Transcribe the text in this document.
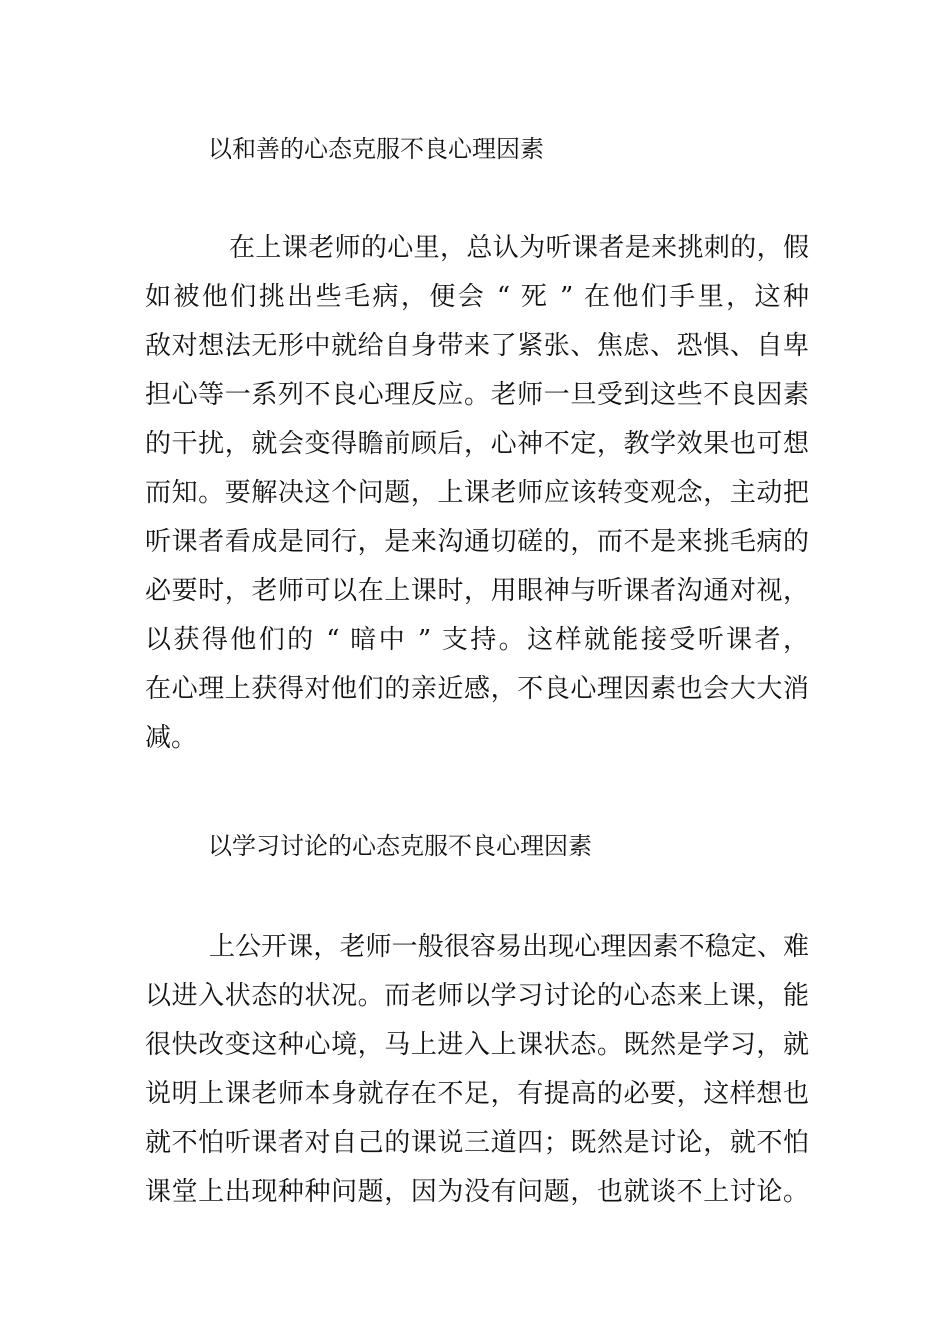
以和善的心态克服不良心理因素
在上课老师的心里，总认为听课者是来挑刺的，假
如被他们挑出些毛病，便会 “ 死 ” 在他们手里，这种
敌对想法无形中就给自身带来了紧张、焦虑、恐惧、自卑
担心等一系列不良心理反应。老师一旦受到这些不良因素
的干扰，就会变得瞻前顾后，心神不定，教学效果也可想
而知。要解决这个问题，上课老师应该转变观念，主动把
听课者看成是同行，是来沟通切磋的，而不是来挑毛病的
必要时，老师可以在上课时，用眼神与听课者沟通对视，
以获得他们的 “ 暗中 ” 支持。这样就能接受听课者，
在心理上获得对他们的亲近感，不良心理因素也会大大消
减。
以学习讨论的心态克服不良心理因素
上公开课，老师一般很容易出现心理因素不稳定、难
以进入状态的状况。而老师以学习讨论的心态来上课，能
很快改变这种心境，马上进入上课状态。既然是学习，就
说明上课老师本身就存在不足，有提高的必要，这样想也
就不怕听课者对自己的课说三道四；既然是讨论，就不怕
课堂上出现种种问题，因为没有问题，也就谈不上讨论。
